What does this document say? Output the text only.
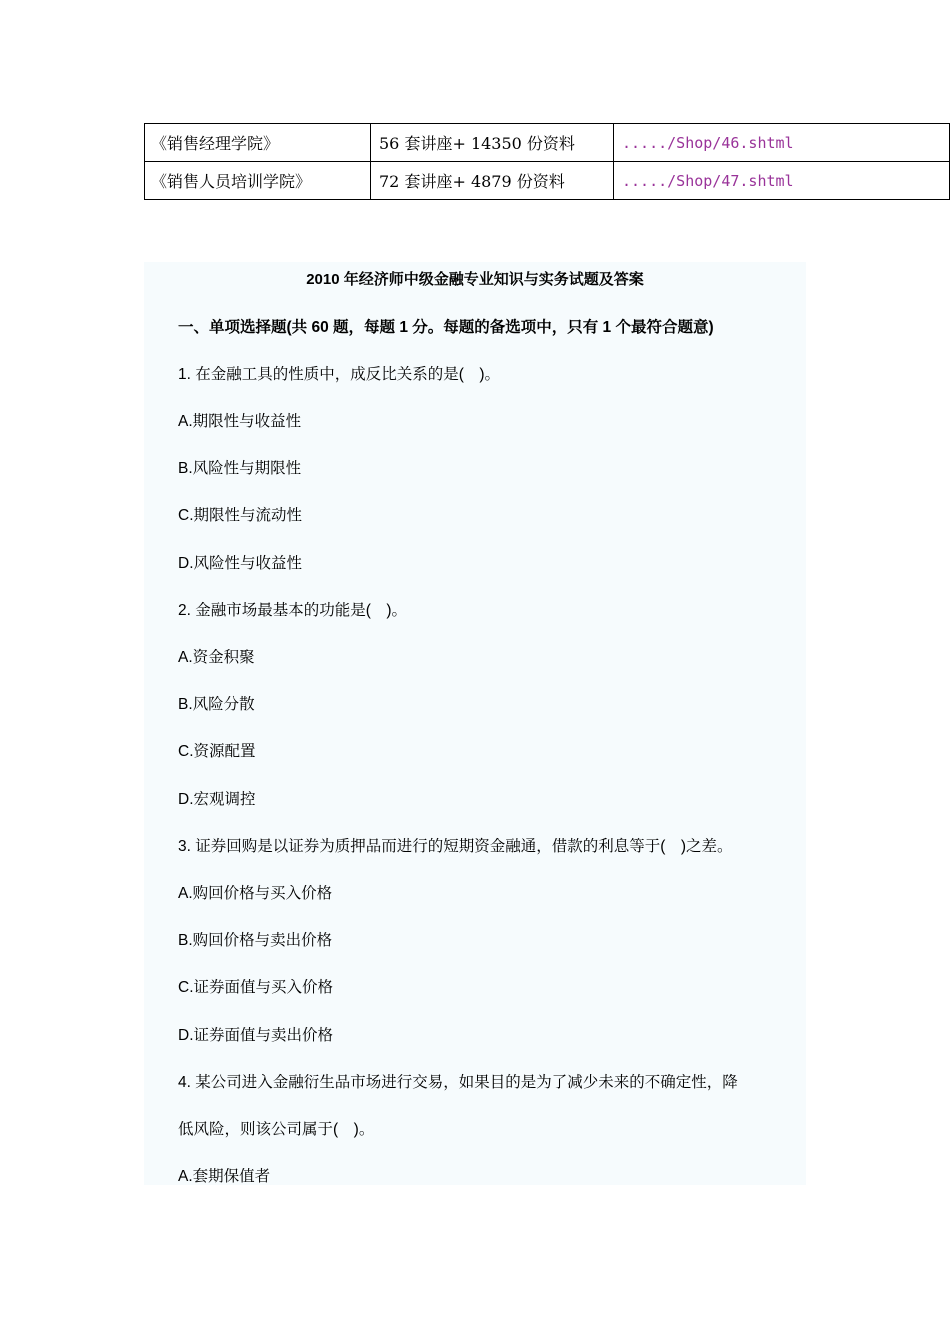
《销售经理学院》	56 套讲座+ 14350 份资料	...../Shop/46.shtml
《销售人员培训学院》	72 套讲座+ 4879 份资料	...../Shop/47.shtml
2010 年经济师中级金融专业知识与实务试题及答案
一、单项选择题(共 60 题，每题 1 分。每题的备选项中，只有 1 个最符合题意)
1. 在金融工具的性质中，成反比关系的是(　)。
A.期限性与收益性
B.风险性与期限性
C.期限性与流动性
D.风险性与收益性
2. 金融市场最基本的功能是(　)。
A.资金积聚
B.风险分散
C.资源配置
D.宏观调控
3. 证券回购是以证券为质押品而进行的短期资金融通，借款的利息等于(　)之差。
A.购回价格与买入价格
B.购回价格与卖出价格
C.证券面值与买入价格
D.证券面值与卖出价格
4. 某公司进入金融衍生品市场进行交易，如果目的是为了减少未来的不确定性，降
低风险，则该公司属于(　)。
A.套期保值者
